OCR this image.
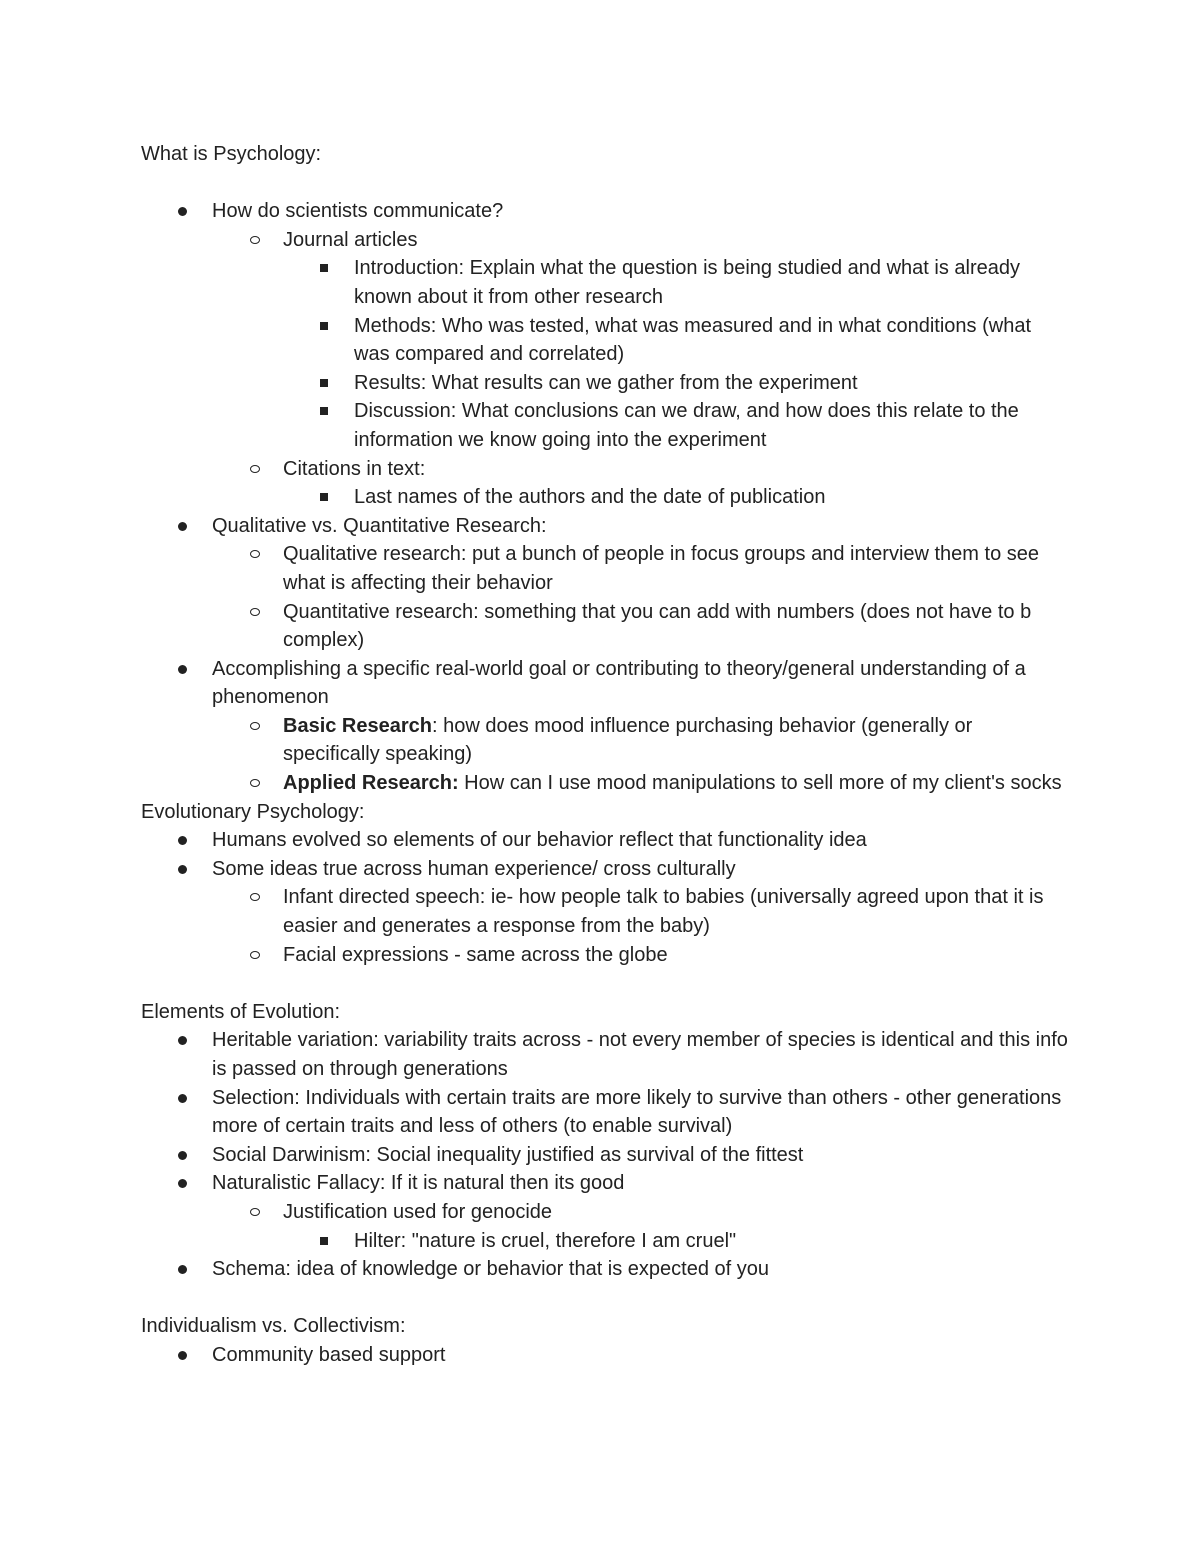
What is Psychology:
How do scientists communicate?
Journal articles
Introduction: Explain what the question is being studied and what is already known about it from other research
Methods: Who was tested, what was measured and in what conditions (what was compared and correlated)
Results: What results can we gather from the experiment
Discussion: What conclusions can we draw, and how does this relate to the information we know going into the experiment
Citations in text:
Last names of the authors and the date of publication
Qualitative vs. Quantitative Research:
Qualitative research: put a bunch of people in focus groups and interview them to see what is affecting their behavior
Quantitative research: something that you can add with numbers (does not have to b complex)
Accomplishing a specific real-world goal or contributing to theory/general understanding of a phenomenon
Basic Research: how does mood influence purchasing behavior (generally or specifically speaking)
Applied Research: How can I use mood manipulations to sell more of my client's socks
Evolutionary Psychology:
Humans evolved so elements of our behavior reflect that functionality idea
Some ideas true across human experience/ cross culturally
Infant directed speech: ie- how people talk to babies (universally agreed upon that it is easier and generates a response from the baby)
Facial expressions - same across the globe
Elements of Evolution:
Heritable variation: variability traits across - not every member of species is identical and this info is passed on through generations
Selection: Individuals with certain traits are more likely to survive than others - other generations more of certain traits and less of others (to enable survival)
Social Darwinism: Social inequality justified as survival of the fittest
Naturalistic Fallacy: If it is natural then its good
Justification used for genocide
Hilter: "nature is cruel, therefore I am cruel"
Schema: idea of knowledge or behavior that is expected of you
Individualism vs. Collectivism:
Community based support
